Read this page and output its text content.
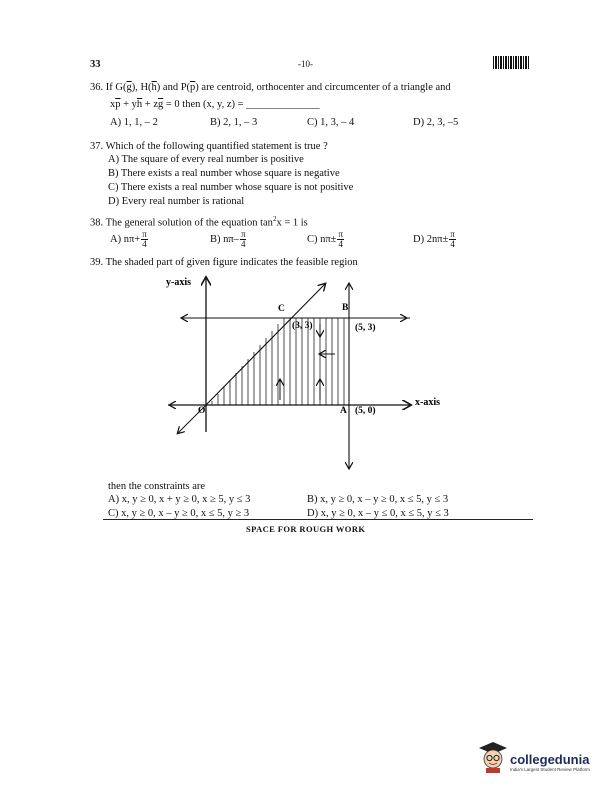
33	-10-
36. If $G(\overline{g})$, $H(\overline{h})$ and $P(\overline{p})$ are centroid, orthocenter and circumcenter of a triangle and
$x\overline{p} + y\overline{h} + z\overline{g} = 0$ then (x, y, z) = ______________
A) 1, 1, – 2	B) 2, 1, – 3	C) 1, 3, – 4	D) 2, 3, –5
37. Which of the following quantified statement is true ?
A) The square of every real number is positive
B) There exists a real number whose square is negative
C) There exists a real number whose square is not positive
D) Every real number is rational
38. The general solution of the equation $\tan^2x = 1$ is
A) $n\pi+ \frac{\pi}{4}$	B) $n\pi- \frac{\pi}{4}$	C) $n\pi\pm \frac{\pi}{4}$	D) $2n\pi\pm \frac{\pi}{4}$
39. The shaded part of given figure indicates the feasible region
y-axis
x-axis
C	B
A
O
(3, 3)	(5, 3)
(5, 0)
then the constraints are
A) x, y ≥ 0, x + y ≥ 0, x ≥ 5, y ≤ 3	B) x, y ≥ 0, x – y ≥ 0, x ≤ 5, y ≤ 3
C) x, y ≥ 0, x – y ≥ 0, x ≤ 5, y ≥ 3	D) x, y ≥ 0, x – y ≤ 0, x ≤ 5, y ≤ 3
SPACE FOR ROUGH WORK
collegedunia
India's Largest Student Review Platform
